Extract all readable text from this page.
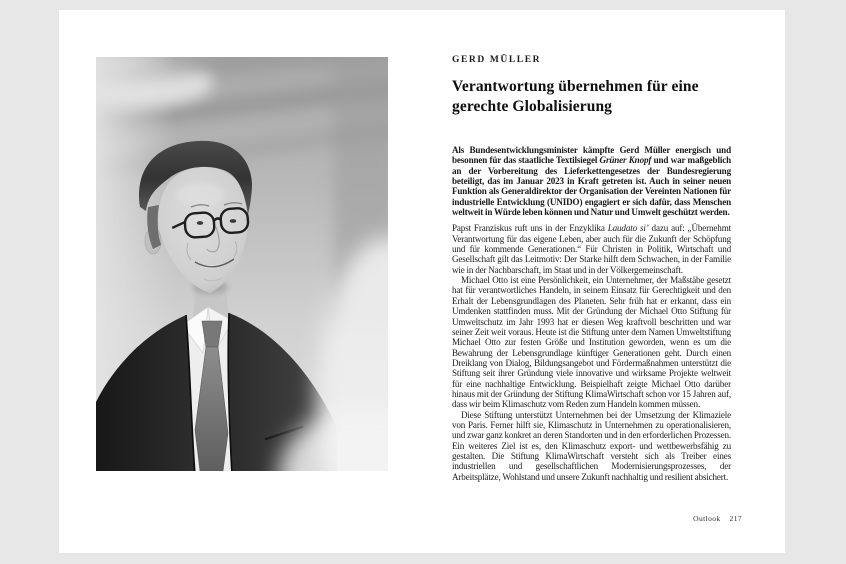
GERD MÜLLER
Verantwortung übernehmen für eine gerechte Globalisierung

Als Bundesentwicklungsminister kämpfte Gerd Müller energisch und besonnen für das staatliche Textilsiegel Grüner Knopf und war maßgeblich an der Vorbereitung des Lieferkettengesetzes der Bundesregierung beteiligt, das im Januar 2023 in Kraft getreten ist. Auch in seiner neuen Funktion als Generaldirektor der Organisation der Vereinten Nationen für industrielle Entwicklung (UNIDO) engagiert er sich dafür, dass Menschen weltweit in Würde leben können und Natur und Umwelt geschützt werden.

Papst Franziskus ruft uns in der Enzyklika Laudato si’ dazu auf: „Übernehmt Verantwortung für das eigene Leben, aber auch für die Zukunft der Schöpfung und für kommende Generationen.“ Für Christen in Politik, Wirtschaft und Gesellschaft gilt das Leitmotiv: Der Starke hilft dem Schwachen, in der Familie wie in der Nachbarschaft, im Staat und in der Völkergemeinschaft.

Michael Otto ist eine Persönlichkeit, ein Unternehmer, der Maßstäbe gesetzt hat für verantwortliches Handeln, in seinem Einsatz für Gerechtigkeit und den Erhalt der Lebensgrundlagen des Planeten. Sehr früh hat er erkannt, dass ein Umdenken stattfinden muss. Mit der Gründung der Michael Otto Stiftung für Umweltschutz im Jahr 1993 hat er diesen Weg kraftvoll beschritten und war seiner Zeit weit voraus. Heute ist die Stiftung unter dem Namen Umweltstiftung Michael Otto zur festen Größe und Institution geworden, wenn es um die Bewahrung der Lebensgrundlage künftiger Generationen geht. Durch einen Dreiklang von Dialog, Bildungsangebot und Fördermaßnahmen unterstützt die Stiftung seit ihrer Gründung viele innovative und wirksame Projekte weltweit für eine nachhaltige Entwicklung. Beispielhaft zeigte Michael Otto darüber hinaus mit der Gründung der Stiftung KlimaWirtschaft schon vor 15 Jahren auf, dass wir beim Klimaschutz vom Reden zum Handeln kommen müssen.

Diese Stiftung unterstützt Unternehmen bei der Umsetzung der Klimaziele von Paris. Ferner hilft sie, Klimaschutz in Unternehmen zu operationalisieren, und zwar ganz konkret an deren Standorten und in den erforderlichen Prozessen. Ein weiteres Ziel ist es, den Klimaschutz export- und wettbewerbsfähig zu gestalten. Die Stiftung KlimaWirtschaft versteht sich als Treiber eines industriellen und gesellschaftlichen Modernisierungsprozesses, der Arbeitsplätze, Wohlstand und unsere Zukunft nachhaltig und resilient absichert.

Outlook 217
